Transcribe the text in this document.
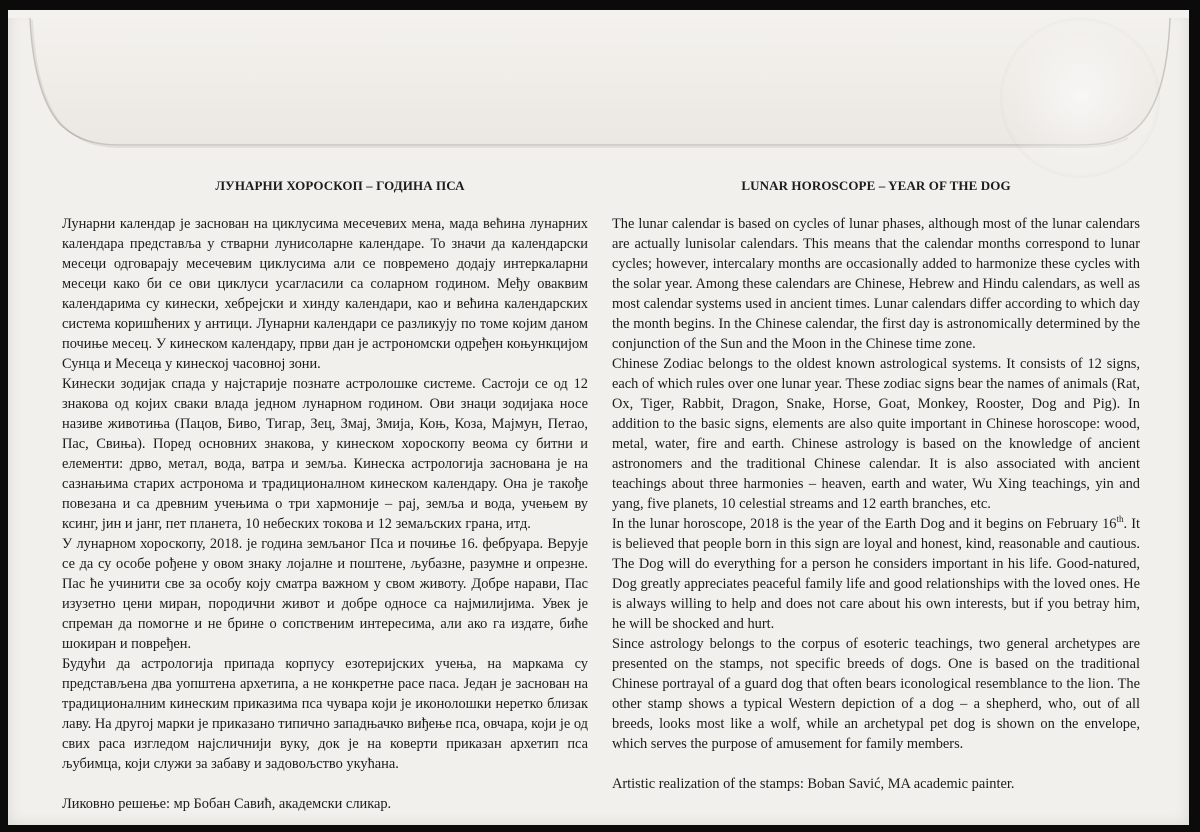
ЛУНАРНИ ХОРОСКОП – ГОДИНА ПСА

Лунарни календар је заснован на циклусима месечевих мена, мада већина лунарних календара представља у стварни лунисоларне календаре. То значи да календарски месеци одговарају месечевим циклусима али се повремено додају интеркаларни месеци како би се ови циклуси усагласили са соларном годином. Међу оваквим календарима су кинески, хебрејски и хинду календари, као и већина календарских система коришћених у антици. Лунарни календари се разликују по томе којим даном почиње месец. У кинеском календару, први дан је астрономски одређен коњункцијом Сунца и Месеца у кинеској часовној зони.

Кинески зодијак спада у најстарије познате астролошке системе. Састоји се од 12 знакова од којих сваки влада једном лунарном годином. Ови знаци зодијака носе називе животиња (Пацов, Биво, Тигар, Зец, Змај, Змија, Коњ, Коза, Мајмун, Петао, Пас, Свиња). Поред основних знакова, у кинеском хороскопу веома су битни и елементи: дрво, метал, вода, ватра и земља. Кинеска астрологија заснована је на сазнањима старих астронома и традиционалном кинеском календару. Она је такође повезана и са древним учењима о три хармоније – рај, земља и вода, учењем ву ксинг, јин и јанг, пет планета, 10 небеских токова и 12 земаљских грана, итд.

У лунарном хороскопу, 2018. је година земљаног Пса и почиње 16. фебруара. Верује се да су особе рођене у овом знаку лојалне и поштене, љубазне, разумне и опрезне. Пас ће учинити све за особу коју сматра важном у свом животу. Добре нарави, Пас изузетно цени миран, породични живот и добре односе са најмилијима. Увек је спреман да помогне и не брине о сопственим интересима, али ако га издате, биће шокиран и повређен.

Будући да астрологија припада корпусу езотеријских учења, на маркама су представљена два уопштена архетипа, а не конкретне расе паса. Један је заснован на традиционалним кинеским приказима пса чувара који је иконолошки неретко близак лаву. На другој марки је приказано типично западњачко виђење пса, овчара, који је од свих раса изгледом најсличнији вуку, док је на коверти приказан архетип пса љубимца, који служи за забаву и задовољство укућана.

Ликовно решење: мр Бобан Савић, академски сликар.

LUNAR HOROSCOPE – YEAR OF THE DOG

The lunar calendar is based on cycles of lunar phases, although most of the lunar calendars are actually lunisolar calendars. This means that the calendar months correspond to lunar cycles; however, intercalary months are occasionally added to harmonize these cycles with the solar year. Among these calendars are Chinese, Hebrew and Hindu calendars, as well as most calendar systems used in ancient times. Lunar calendars differ according to which day the month begins. In the Chinese calendar, the first day is astronomically determined by the conjunction of the Sun and the Moon in the Chinese time zone.

Chinese Zodiac belongs to the oldest known astrological systems. It consists of 12 signs, each of which rules over one lunar year. These zodiac signs bear the names of animals (Rat, Ox, Tiger, Rabbit, Dragon, Snake, Horse, Goat, Monkey, Rooster, Dog and Pig). In addition to the basic signs, elements are also quite important in Chinese horoscope: wood, metal, water, fire and earth. Chinese astrology is based on the knowledge of ancient astronomers and the traditional Chinese calendar. It is also associated with ancient teachings about three harmonies – heaven, earth and water, Wu Xing teachings, yin and yang, five planets, 10 celestial streams and 12 earth branches, etc.

In the lunar horoscope, 2018 is the year of the Earth Dog and it begins on February 16th. It is believed that people born in this sign are loyal and honest, kind, reasonable and cautious. The Dog will do everything for a person he considers important in his life. Good-natured, Dog greatly appreciates peaceful family life and good relationships with the loved ones. He is always willing to help and does not care about his own interests, but if you betray him, he will be shocked and hurt.

Since astrology belongs to the corpus of esoteric teachings, two general archetypes are presented on the stamps, not specific breeds of dogs. One is based on the traditional Chinese portrayal of a guard dog that often bears iconological resemblance to the lion. The other stamp shows a typical Western depiction of a dog – a shepherd, who, out of all breeds, looks most like a wolf, while an archetypal pet dog is shown on the envelope, which serves the purpose of amusement for family members.

Artistic realization of the stamps: Boban Savić, MA academic painter.
